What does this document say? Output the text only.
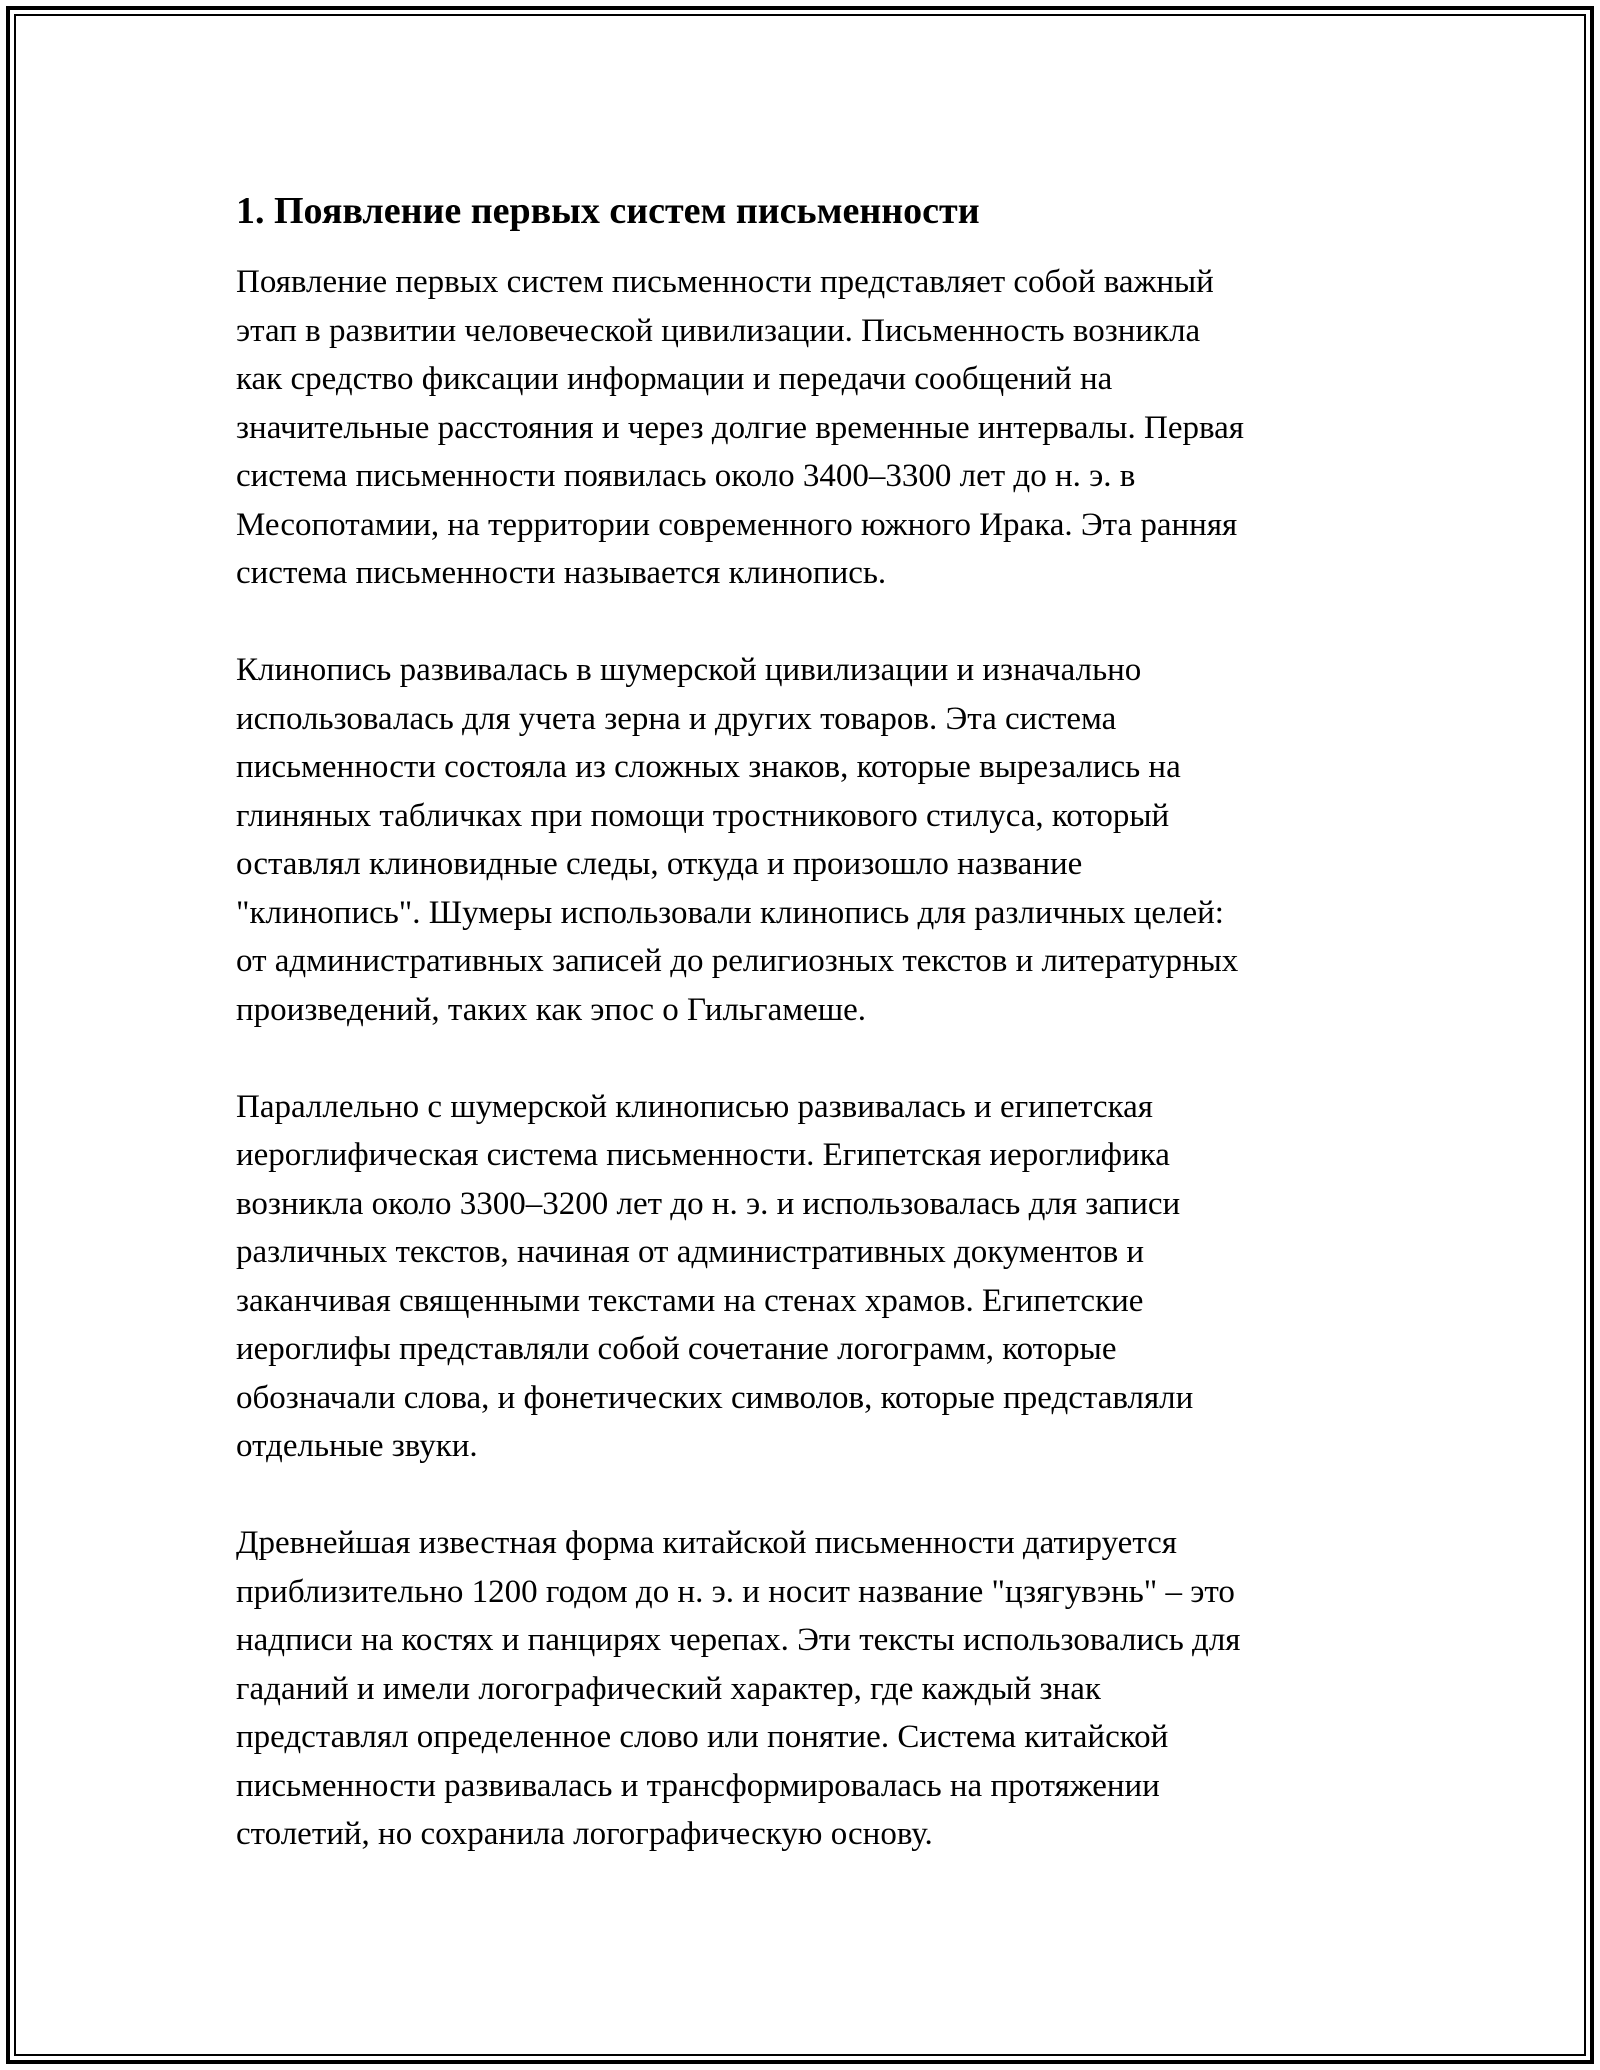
1. Появление первых систем письменности
Появление первых систем письменности представляет собой важный
этап в развитии человеческой цивилизации. Письменность возникла
как средство фиксации информации и передачи сообщений на
значительные расстояния и через долгие временные интервалы. Первая
система письменности появилась около 3400–3300 лет до н. э. в
Месопотамии, на территории современного южного Ирака. Эта ранняя
система письменности называется клинопись.
Клинопись развивалась в шумерской цивилизации и изначально
использовалась для учета зерна и других товаров. Эта система
письменности состояла из сложных знаков, которые вырезались на
глиняных табличках при помощи тростникового стилуса, который
оставлял клиновидные следы, откуда и произошло название
"клинопись". Шумеры использовали клинопись для различных целей:
от административных записей до религиозных текстов и литературных
произведений, таких как эпос о Гильгамеше.
Параллельно с шумерской клинописью развивалась и египетская
иероглифическая система письменности. Египетская иероглифика
возникла около 3300–3200 лет до н. э. и использовалась для записи
различных текстов, начиная от административных документов и
заканчивая священными текстами на стенах храмов. Египетские
иероглифы представляли собой сочетание логограмм, которые
обозначали слова, и фонетических символов, которые представляли
отдельные звуки.
Древнейшая известная форма китайской письменности датируется
приблизительно 1200 годом до н. э. и носит название "цзягувэнь" – это
надписи на костях и панцирях черепах. Эти тексты использовались для
гаданий и имели логографический характер, где каждый знак
представлял определенное слово или понятие. Система китайской
письменности развивалась и трансформировалась на протяжении
столетий, но сохранила логографическую основу.
